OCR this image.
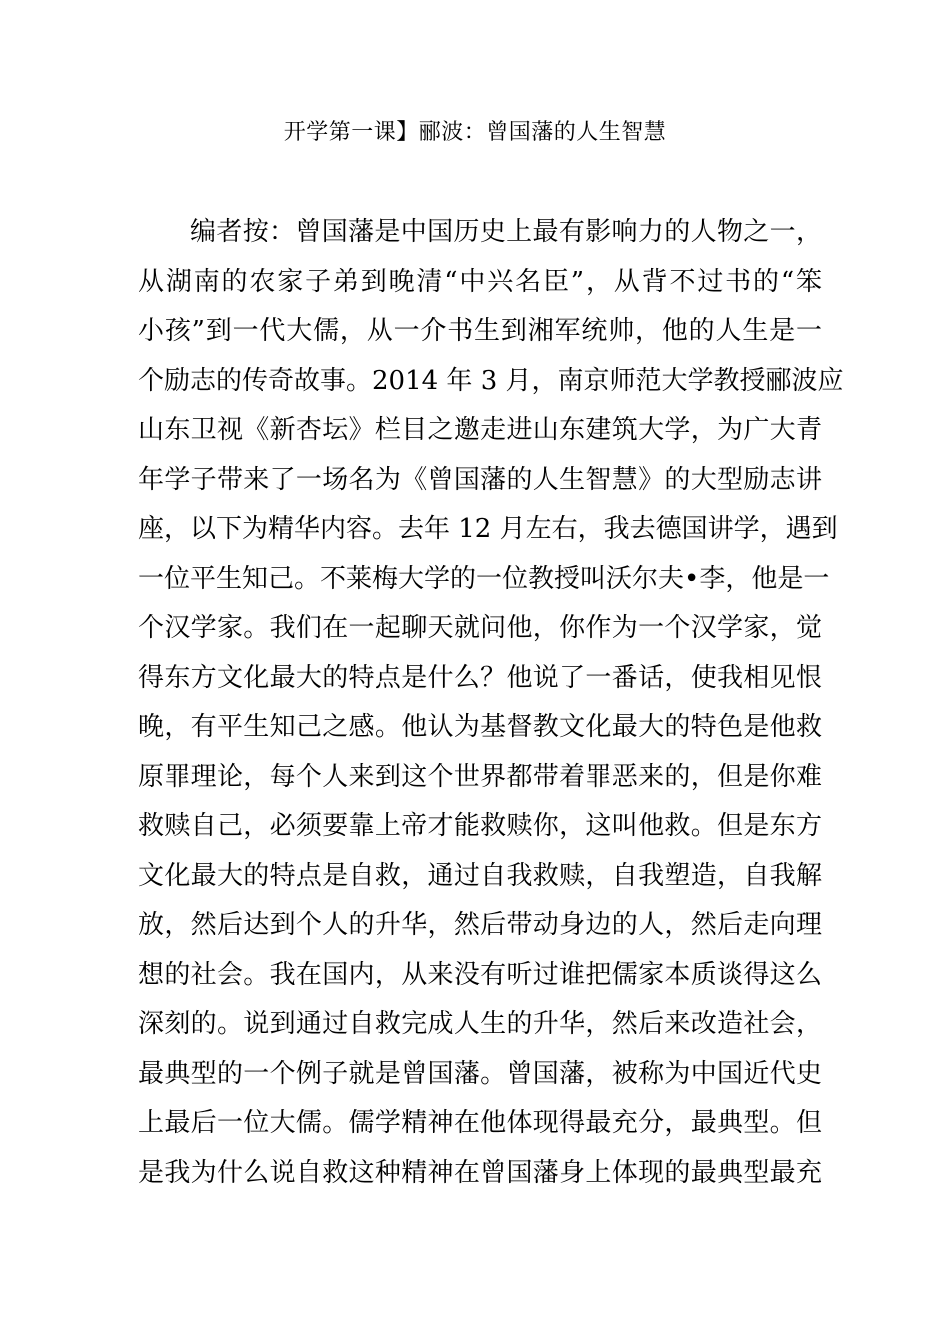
开学第一课】郦波：曾国藩的人生智慧
编者按：曾国藩是中国历史上最有影响力的人物之一，
从湖南的农家子弟到晚清“中兴名臣”，从背不过书的“笨
小孩”到一代大儒，从一介书生到湘军统帅，他的人生是一
个励志的传奇故事。2014 年 3 月，南京师范大学教授郦波应
山东卫视《新杏坛》栏目之邀走进山东建筑大学，为广大青
年学子带来了一场名为《曾国藩的人生智慧》的大型励志讲
座，以下为精华内容。去年 12 月左右，我去德国讲学，遇到
一位平生知己。不莱梅大学的一位教授叫沃尔夫•李，他是一
个汉学家。我们在一起聊天就问他，你作为一个汉学家，觉
得东方文化最大的特点是什么？他说了一番话，使我相见恨
晚，有平生知己之感。他认为基督教文化最大的特色是他救
原罪理论，每个人来到这个世界都带着罪恶来的，但是你难
救赎自己，必须要靠上帝才能救赎你，这叫他救。但是东方
文化最大的特点是自救，通过自我救赎，自我塑造，自我解
放，然后达到个人的升华，然后带动身边的人，然后走向理
想的社会。我在国内，从来没有听过谁把儒家本质谈得这么
深刻的。说到通过自救完成人生的升华，然后来改造社会，
最典型的一个例子就是曾国藩。曾国藩，被称为中国近代史
上最后一位大儒。儒学精神在他体现得最充分，最典型。但
是我为什么说自救这种精神在曾国藩身上体现的最典型最充
